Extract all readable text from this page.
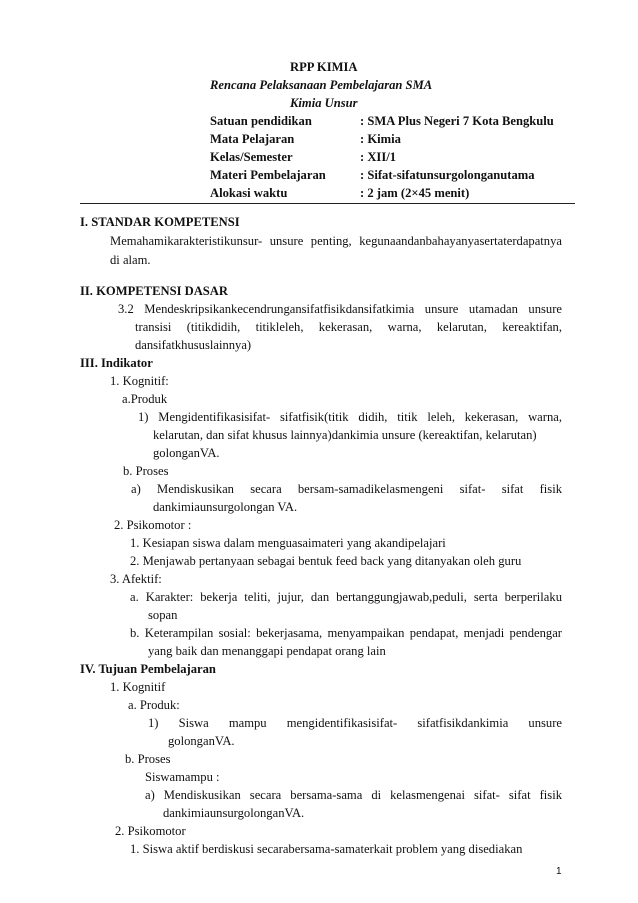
RPP KIMIA
Rencana Pelaksanaan Pembelajaran SMA
Kimia Unsur
Satuan pendidikan	: SMA Plus Negeri 7 Kota Bengkulu
Mata Pelajaran	: Kimia
Kelas/Semester	: XII/1
Materi Pembelajaran	: Sifat-sifatunsurgolonganutama
Alokasi waktu	: 2 jam (2×45 menit)
I. STANDAR KOMPETENSI
Memahamikarakteristikunsur- unsure penting, kegunaandanbahayanyasertaterdapatnya
di alam.
II. KOMPETENSI DASAR
3.2 Mendeskripsikankecendrungansifatfisikdansifatkimia unsure utamadan unsure
transisi (titikdidih, titikleleh, kekerasan, warna, kelarutan, kereaktifan,
dansifatkhususlainnya)
III. Indikator
1. Kognitif:
a.Produk
1) Mengidentifikasisifat- sifatfisik(titik didih, titik leleh, kekerasan, warna,
kelarutan, dan sifat khusus lainnya)dankimia unsure (kereaktifan, kelarutan)
golonganVA.
b. Proses
a) Mendiskusikan secara bersam-samadikelasmengeni sifat- sifat fisik
dankimiaunsurgolongan VA.
2. Psikomotor :
1. Kesiapan siswa dalam menguasaimateri yang akandipelajari
2. Menjawab pertanyaan sebagai bentuk feed back yang ditanyakan oleh guru
3. Afektif:
a. Karakter: bekerja teliti, jujur, dan bertanggungjawab,peduli, serta berperilaku
sopan
b. Keterampilan sosial: bekerjasama, menyampaikan pendapat, menjadi pendengar
yang baik dan menanggapi pendapat orang lain
IV. Tujuan Pembelajaran
1. Kognitif
a. Produk:
1) Siswa mampu mengidentifikasisifat- sifatfisikdankimia unsure
golonganVA.
b. Proses
Siswamampu :
a) Mendiskusikan secara bersama-sama di kelasmengenai sifat- sifat fisik
dankimiaunsurgolonganVA.
2. Psikomotor
1. Siswa aktif berdiskusi secarabersama-samaterkait problem yang disediakan
1
